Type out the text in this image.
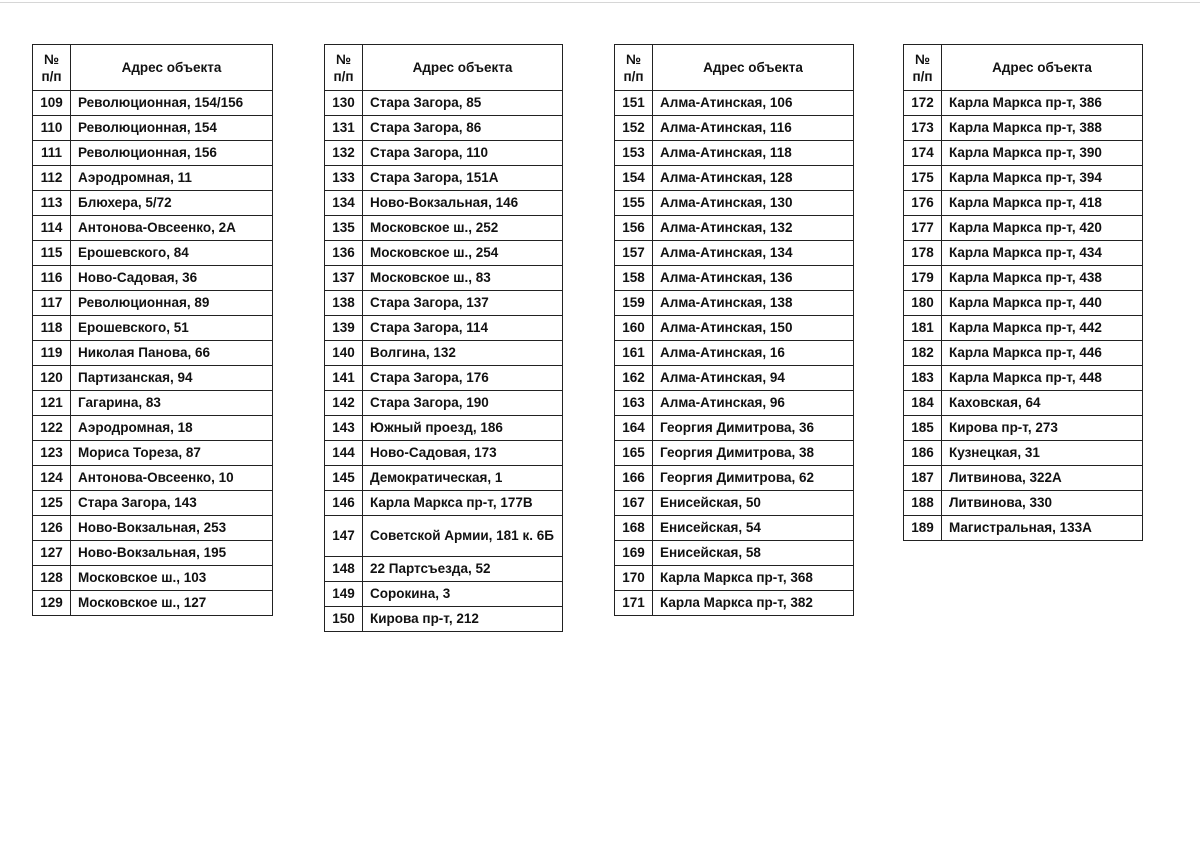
№
п/п	Адрес объекта
109	Революционная, 154/156
110	Революционная, 154
111	Революционная, 156
112	Аэродромная, 11
113	Блюхера, 5/72
114	Антонова-Овсеенко, 2А
115	Ерошевского, 84
116	Ново-Садовая, 36
117	Революционная, 89
118	Ерошевского, 51
119	Николая Панова, 66
120	Партизанская, 94
121	Гагарина, 83
122	Аэродромная, 18
123	Мориса Тореза, 87
124	Антонова-Овсеенко, 10
125	Стара Загора, 143
126	Ново-Вокзальная, 253
127	Ново-Вокзальная, 195
128	Московское ш., 103
129	Московское ш., 127
№
п/п	Адрес объекта
130	Стара Загора, 85
131	Стара Загора, 86
132	Стара Загора, 110
133	Стара Загора, 151А
134	Ново-Вокзальная, 146
135	Московское ш., 252
136	Московское ш., 254
137	Московское ш., 83
138	Стара Загора, 137
139	Стара Загора, 114
140	Волгина, 132
141	Стара Загора, 176
142	Стара Загора, 190
143	Южный проезд, 186
144	Ново-Садовая, 173
145	Демократическая, 1
146	Карла Маркса пр-т, 177В
147	Советской Армии, 181 к. 6Б
148	22 Партсъезда, 52
149	Сорокина, 3
150	Кирова пр-т, 212
№
п/п	Адрес объекта
151	Алма-Атинская, 106
152	Алма-Атинская, 116
153	Алма-Атинская, 118
154	Алма-Атинская, 128
155	Алма-Атинская, 130
156	Алма-Атинская, 132
157	Алма-Атинская, 134
158	Алма-Атинская, 136
159	Алма-Атинская, 138
160	Алма-Атинская, 150
161	Алма-Атинская, 16
162	Алма-Атинская, 94
163	Алма-Атинская, 96
164	Георгия Димитрова, 36
165	Георгия Димитрова, 38
166	Георгия Димитрова, 62
167	Енисейская, 50
168	Енисейская, 54
169	Енисейская, 58
170	Карла Маркса пр-т, 368
171	Карла Маркса пр-т, 382
№
п/п	Адрес объекта
172	Карла Маркса пр-т, 386
173	Карла Маркса пр-т, 388
174	Карла Маркса пр-т, 390
175	Карла Маркса пр-т, 394
176	Карла Маркса пр-т, 418
177	Карла Маркса пр-т, 420
178	Карла Маркса пр-т, 434
179	Карла Маркса пр-т, 438
180	Карла Маркса пр-т, 440
181	Карла Маркса пр-т, 442
182	Карла Маркса пр-т, 446
183	Карла Маркса пр-т, 448
184	Каховская, 64
185	Кирова пр-т, 273
186	Кузнецкая, 31
187	Литвинова, 322А
188	Литвинова, 330
189	Магистральная, 133А
